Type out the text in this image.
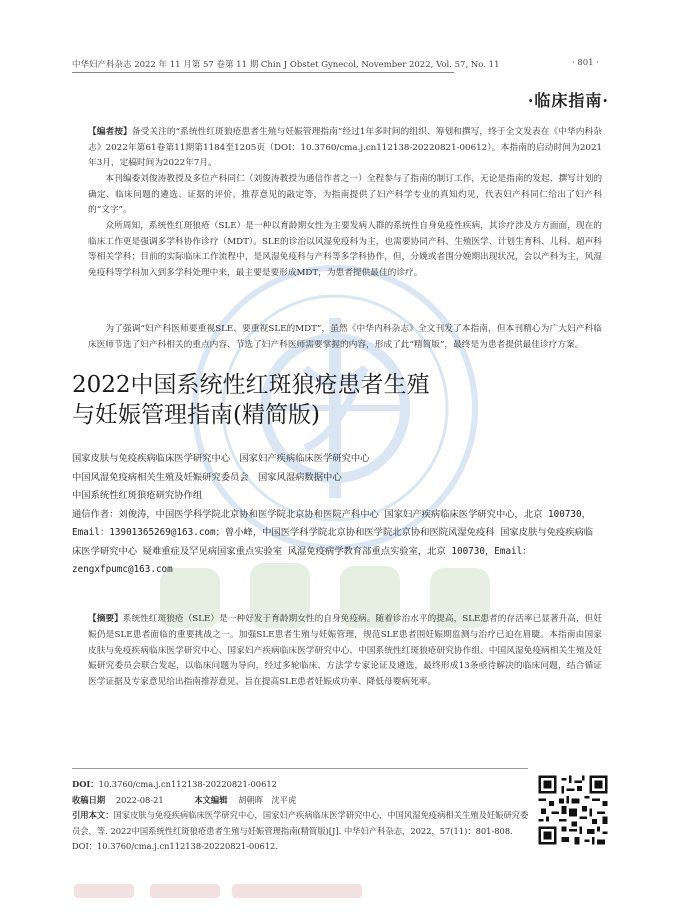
中华妇产科杂志 2022 年 11 月第 57 卷第 11 期 Chin J Obstet Gynecol, November 2022, Vol. 57, No. 11	· 801 ·
·临床指南·
【编者按】备受关注的“系统性红斑狼疮患者生殖与妊娠管理指南”经过1年多时间的组织、筹划和撰写，终于全文发表在《中华内科杂志》2022年第61卷第11期第1184至1205页（DOI：10.3760/cma.j.cn112138-20220821-00612）。本指南的启动时间为2021年3月，定稿时间为2022年7月。
本刊编委刘俊涛教授及多位产科同仁（刘俊涛教授为通信作者之一）全程参与了指南的制订工作，无论是指南的发起、撰写计划的确定、临床问题的遴选、证据的评价、推荐意见的敲定等，为指南提供了妇产科学专业的真知灼见，代表妇产科同仁给出了妇产科的“文字”。
众所周知，系统性红斑狼疮（SLE）是一种以育龄期女性为主要发病人群的系统性自身免疫性疾病，其诊疗涉及方方面面，现在的临床工作更是强调多学科协作诊疗（MDT）。SLE的诊治以风湿免疫科为主，也需要协同产科、生殖医学、计划生育科、儿科、超声科等相关学科；目前的实际临床工作流程中，是风湿免疫科与产科等多学科协作，但，分娩或者围分娩期出现状况，会以产科为主，风湿免疫科等学科加入到多学科处理中来，最主要是要形成MDT，为患者提供最佳的诊疗。
为了强调“妇产科医师要重视SLE、要重视SLE的MDT”，虽然《中华内科杂志》全文刊发了本指南，但本刊精心为广大妇产科临床医师节选了妇产科相关的重点内容、节选了妇产科医师需要掌握的内容，形成了此“精简版”，最终是为患者提供最佳诊疗方案。
2022中国系统性红斑狼疮患者生殖
与妊娠管理指南(精简版)
国家皮肤与免疫疾病临床医学研究中心　国家妇产疾病临床医学研究中心
中国风湿免疫病相关生殖及妊娠研究委员会　国家风湿病数据中心
中国系统性红斑狼疮研究协作组
通信作者：刘俊涛，中国医学科学院北京协和医学院北京协和医院产科中心 国家妇产疾病临床医学研究中心，北京 100730，Email：13901365269@163.com；曾小峰，中国医学科学院北京协和医学院北京协和医院风湿免疫科 国家皮肤与免疫疾病临床医学研究中心 疑难重症及罕见病国家重点实验室 风湿免疫病学教育部重点实验室，北京 100730，Email：zengxfpumc@163.com
【摘要】系统性红斑狼疮（SLE）是一种好发于育龄期女性的自身免疫病。随着诊治水平的提高，SLE患者的存活率已显著升高，但妊娠仍是SLE患者面临的重要挑战之一。加强SLE患者生殖与妊娠管理，规范SLE患者围妊娠期监测与治疗已迫在眉睫。本指南由国家皮肤与免疫疾病临床医学研究中心、国家妇产疾病临床医学研究中心、中国系统性红斑狼疮研究协作组、中国风湿免疫病相关生殖及妊娠研究委员会联合发起，以临床问题为导向，经过多轮临床、方法学专家论证及遴选，最终形成13条亟待解决的临床问题，结合循证医学证据及专家意见给出指南推荐意见，旨在提高SLE患者妊娠成功率、降低母婴病死率。
DOI：10.3760/cma.j.cn112138-20220821-00612
收稿日期 2022-08-21	本文编辑 胡朝晖　沈平虎
引用本文：国家皮肤与免疫疾病临床医学研究中心，国家妇产疾病临床医学研究中心，中国风湿免疫病相关生殖及妊娠研究委员会，等. 2022中国系统性红斑狼疮患者生殖与妊娠管理指南(精简版)[J]. 中华妇产科杂志，2022，57(11)：801-808. DOI：10.3760/cma.j.cn112138-20220821-00612.
